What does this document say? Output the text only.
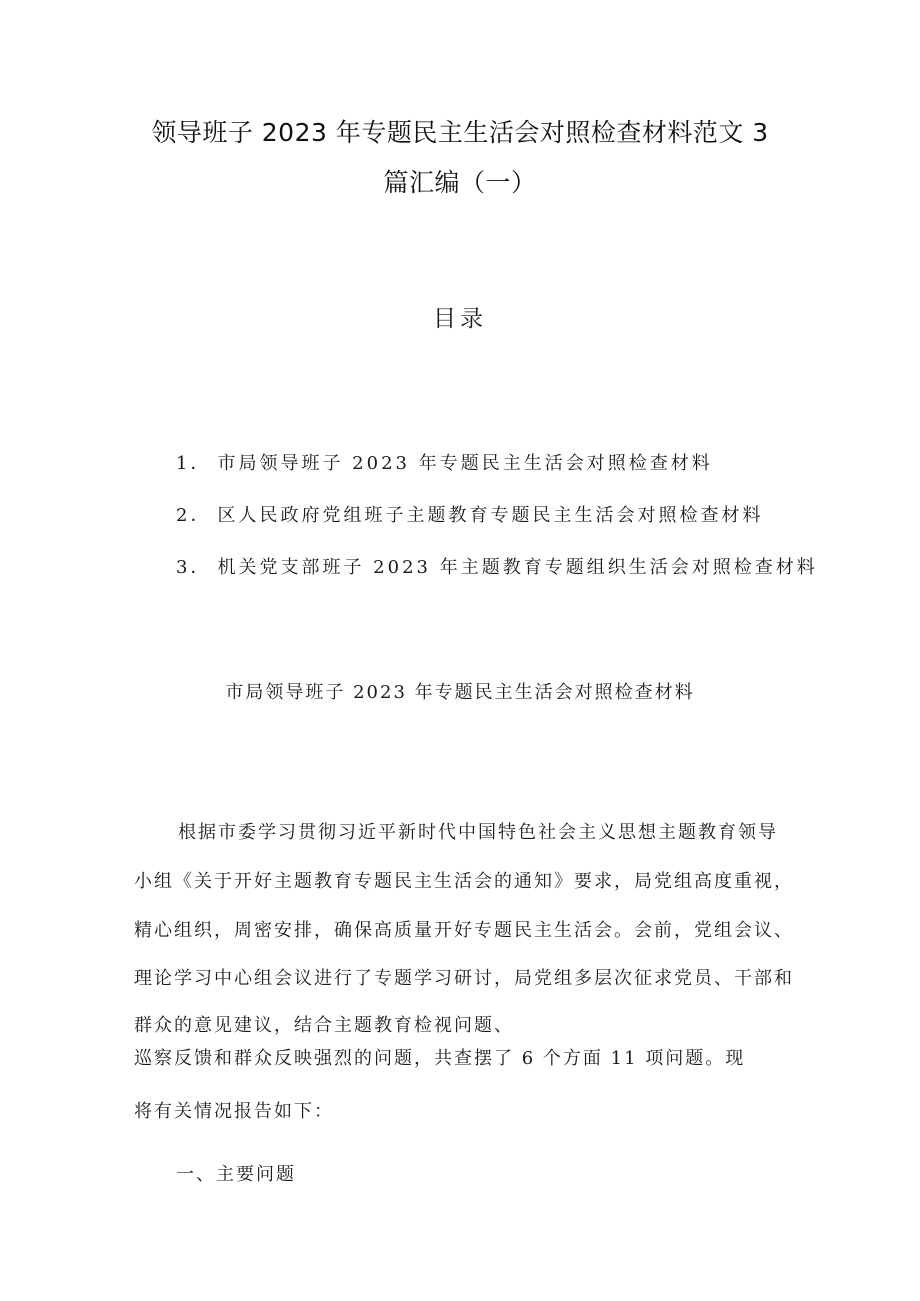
领导班子 2023 年专题民主生活会对照检查材料范文 3
篇汇编（一）
目录
1． 市局领导班子 2023 年专题民主生活会对照检查材料
2． 区人民政府党组班子主题教育专题民主生活会对照检查材料
3． 机关党支部班子 2023 年主题教育专题组织生活会对照检查材料
市局领导班子 2023 年专题民主生活会对照检查材料
根据市委学习贯彻习近平新时代中国特色社会主义思想主题教育领导
小组《关于开好主题教育专题民主生活会的通知》要求，局党组高度重视，
精心组织，周密安排，确保高质量开好专题民主生活会。会前，党组会议、
理论学习中心组会议进行了专题学习研讨，局党组多层次征求党员、干部和
群众的意见建议，结合主题教育检视问题、
巡察反馈和群众反映强烈的问题，共查摆了 6 个方面 11 项问题。现
将有关情况报告如下：
一、主要问题
